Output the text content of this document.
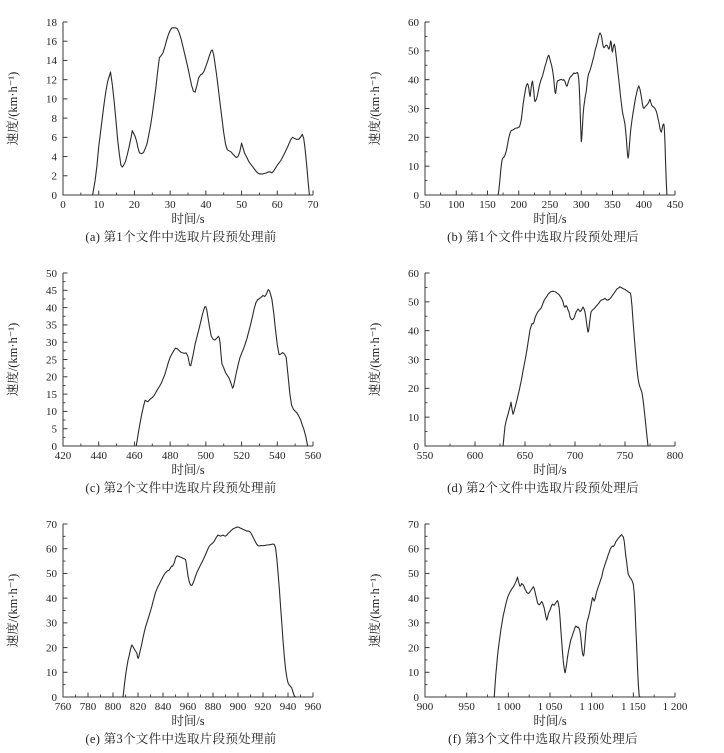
0 10 20 30 40 50 60 70
0
2
4
6
8
10
12
14
16
18
时间/s
速度/(km·h⁻¹)
(a) 第1个文件中选取片段预处理前
50 100 150 200 250 300 350 400 450
0
10
20
30
40
50
60
时间/s
速度/(km·h⁻¹)
(b) 第1个文件中选取片段预处理后
420 440 460 480 500 520 540 560
0
5
10
15
20
25
30
35
40
45
50
时间/s
速度/(km·h⁻¹)
(c) 第2个文件中选取片段预处理前
550	600	650	700	750	800
0
10
20
30
40
50
60
时间/s
速度/(km·h⁻¹)
(d) 第2个文件中选取片段预处理后
760 780 800 820 840 960 880 900 920 940 960
0
10
20
30
40
50
60
70
时间/s
速度/(km·h⁻¹)
(e) 第3个文件中选取片段预处理前
900 950 1 000 1 050 1 100 1 150 1 200
0
10
20
30
40
50
60
70
时间/s
速度/(km·h⁻¹)
(f) 第3个文件中选取片段预处理后
